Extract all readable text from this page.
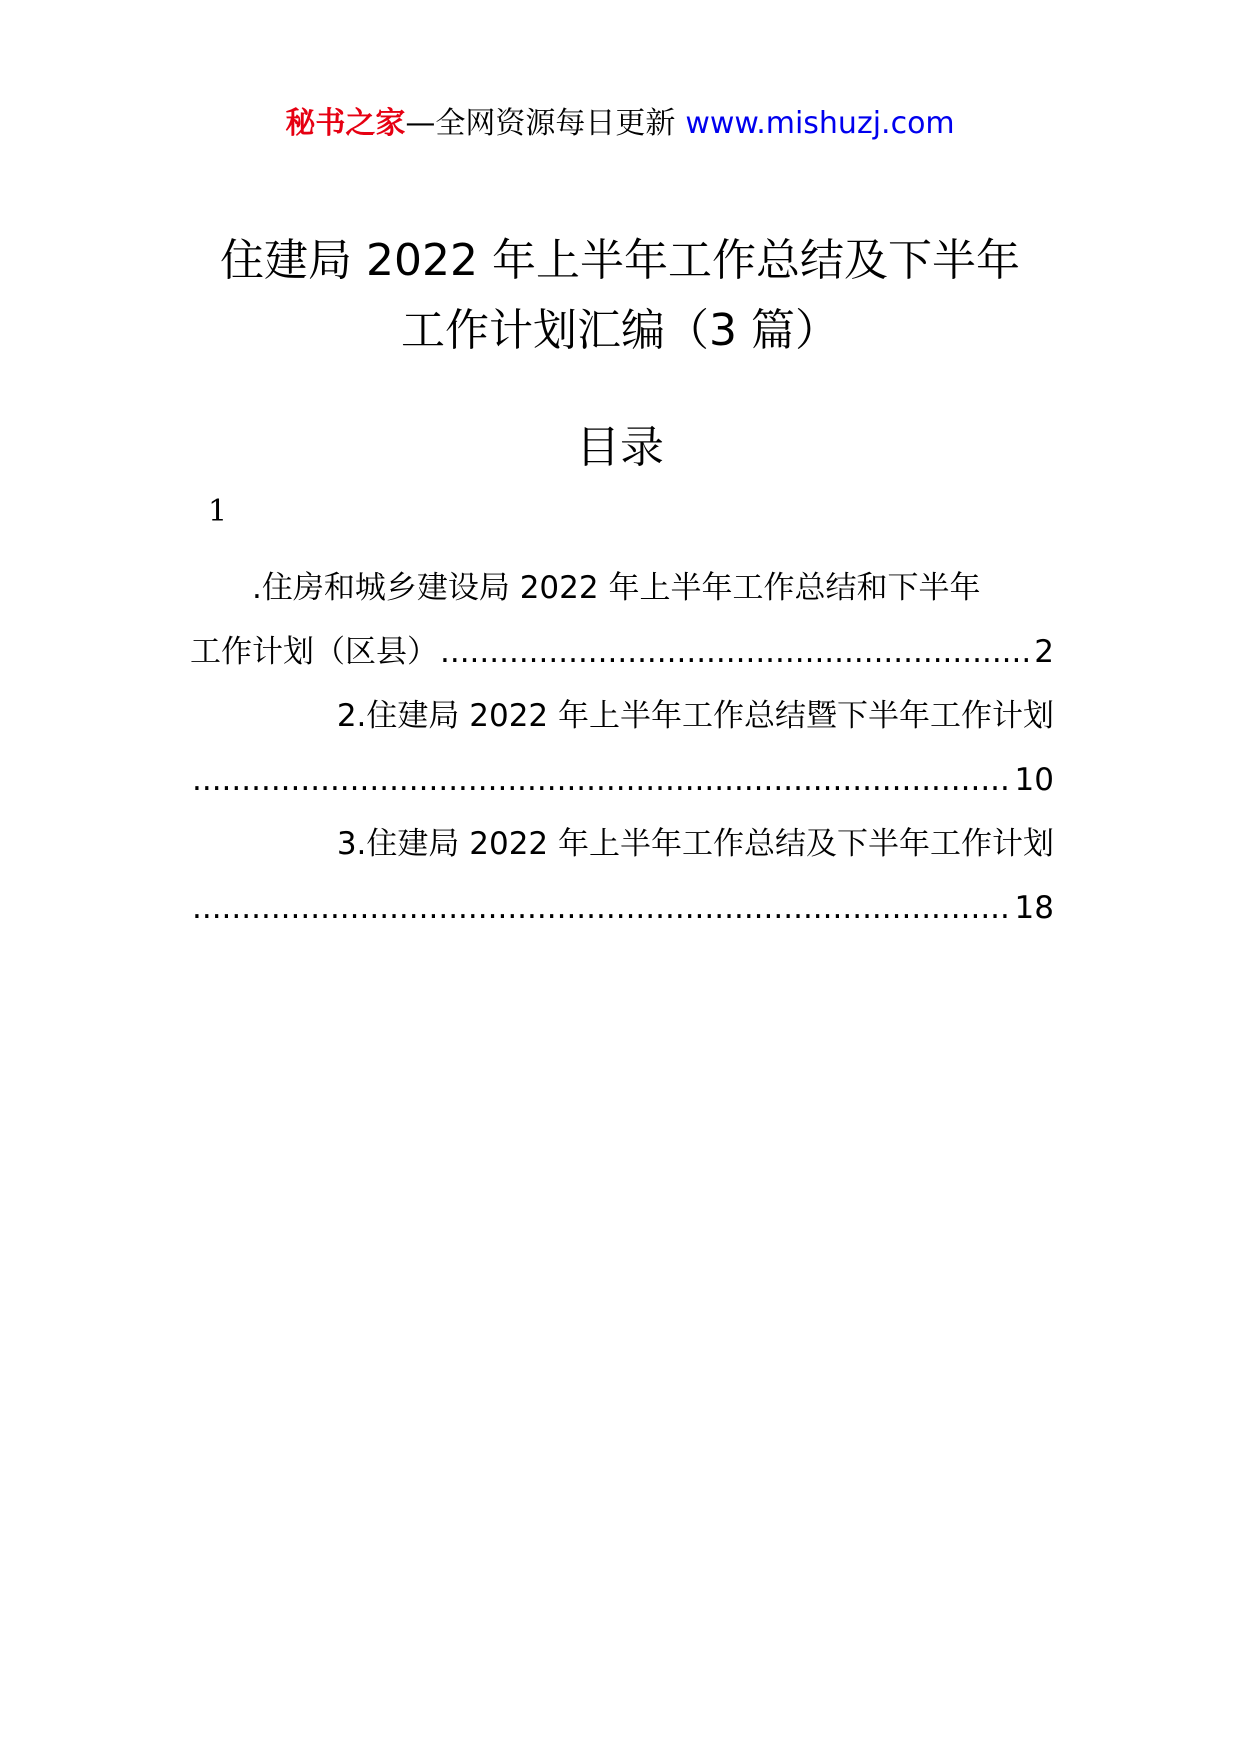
秘书之家—全网资源每日更新 www.mishuzj.com
住建局 2022 年上半年工作总结及下半年
工作计划汇编（3 篇）
目录
1
.住房和城乡建设局 2022 年上半年工作总结和下半年
工作计划（区县）
.....	2
2.住建局 2022 年上半年工作总结暨下半年工作计划
.....
10
3.住建局 2022 年上半年工作总结及下半年工作计划
.....
18
